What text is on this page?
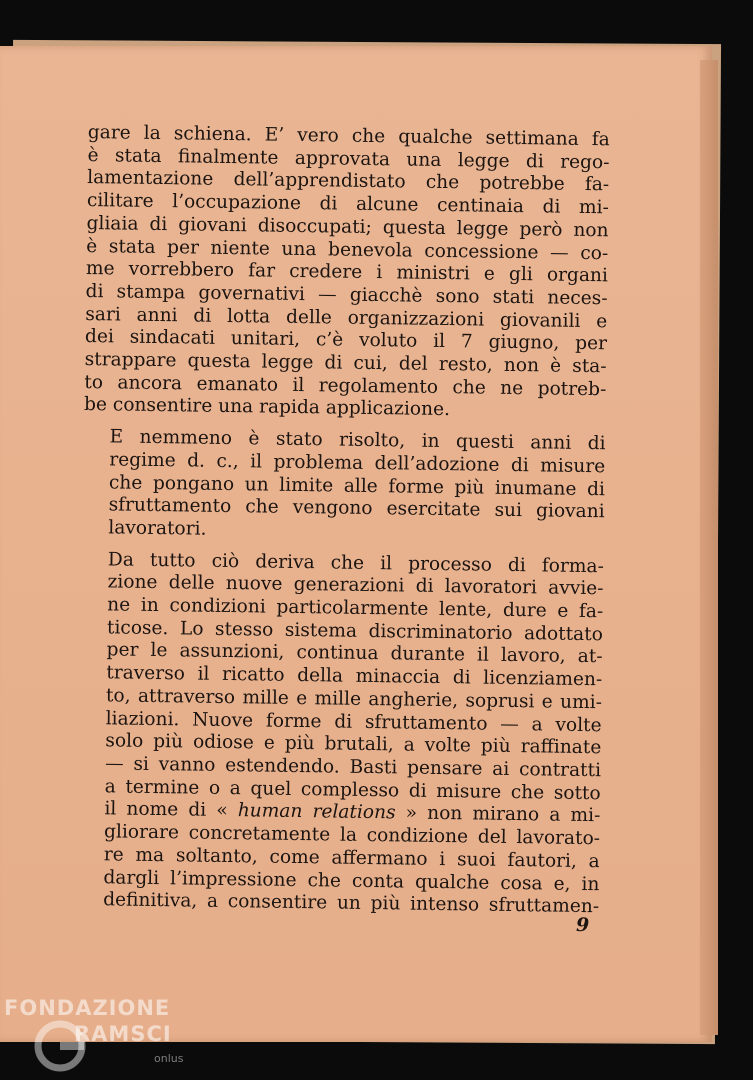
gare la schiena. E’ vero che qualche settimana fa
è stata finalmente approvata una legge di rego-
lamentazione dell’apprendistato che potrebbe fa-
cilitare l’occupazione di alcune centinaia di mi-
gliaia di giovani disoccupati; questa legge però non
è stata per niente una benevola concessione — co-
me vorrebbero far credere i ministri e gli organi
di stampa governativi — giacchè sono stati neces-
sari anni di lotta delle organizzazioni giovanili e
dei sindacati unitari, c’è voluto il 7 giugno, per
strappare questa legge di cui, del resto, non è sta-
to ancora emanato il regolamento che ne potreb-
be consentire una rapida applicazione.

E nemmeno è stato risolto, in questi anni di
regime d. c., il problema dell’adozione di misure
che pongano un limite alle forme più inumane di
sfruttamento che vengono esercitate sui giovani
lavoratori.

Da tutto ciò deriva che il processo di forma-
zione delle nuove generazioni di lavoratori avvie-
ne in condizioni particolarmente lente, dure e fa-
ticose. Lo stesso sistema discriminatorio adottato
per le assunzioni, continua durante il lavoro, at-
traverso il ricatto della minaccia di licenziamen-
to, attraverso mille e mille angherie, soprusi e umi-
liazioni. Nuove forme di sfruttamento — a volte
solo più odiose e più brutali, a volte più raffinate
— si vanno estendendo. Basti pensare ai contratti
a termine o a quel complesso di misure che sotto
il nome di « human relations » non mirano a mi-
gliorare concretamente la condizione del lavorato-
re ma soltanto, come affermano i suoi fautori, a
dargli l’impressione che conta qualche cosa e, in
definitiva, a consentire un più intenso sfruttamen-

9
FONDAZIONE
RAMSCI
onlus
